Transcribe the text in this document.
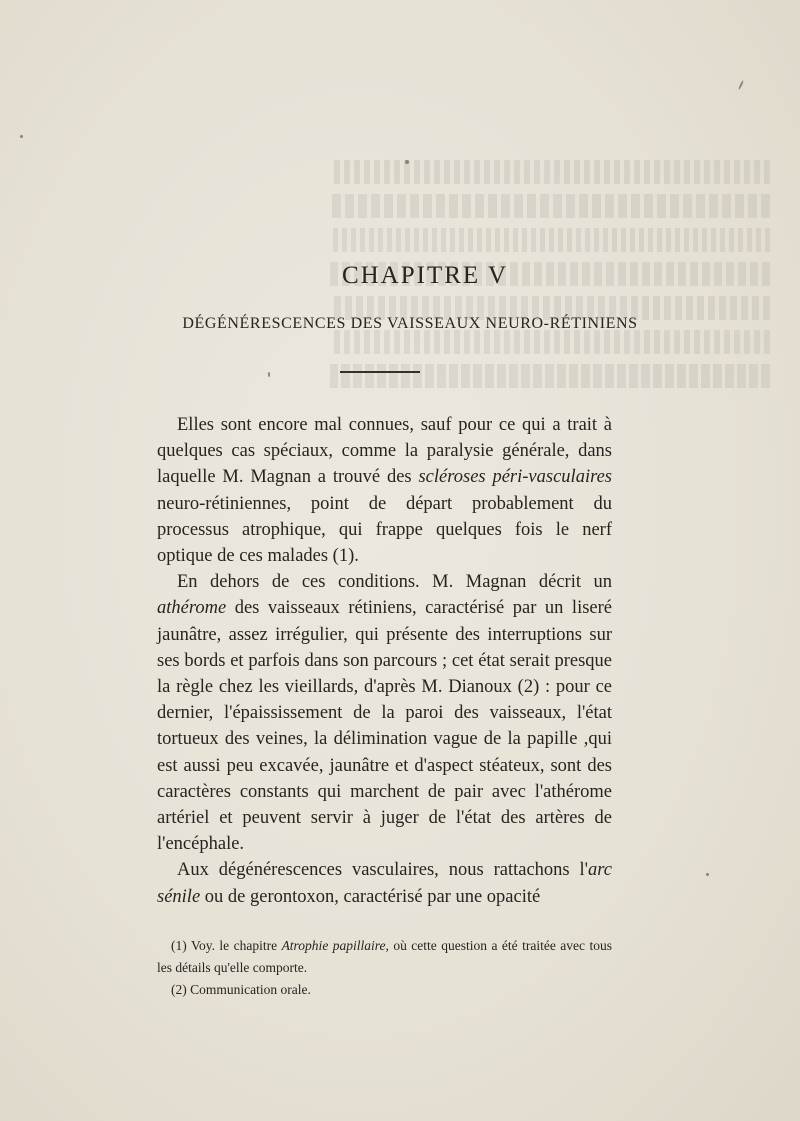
CHAPITRE V
DÉGÉNÉRESCENCES DES VAISSEAUX NEURO-RÉTINIENS

Elles sont encore mal connues, sauf pour ce qui a trait à quelques cas spéciaux, comme la paralysie générale, dans laquelle M. Magnan a trouvé des scléroses péri-vasculaires neuro-rétiniennes, point de départ probablement du processus atrophique, qui frappe quelques fois le nerf optique de ces malades (1).

En dehors de ces conditions. M. Magnan décrit un athérome des vaisseaux rétiniens, caractérisé par un liseré jaunâtre, assez irrégulier, qui présente des interruptions sur ses bords et parfois dans son parcours ; cet état serait presque la règle chez les vieillards, d'après M. Dianoux (2) : pour ce dernier, l'épaississement de la paroi des vaisseaux, l'état tortueux des veines, la délimination vague de la papille ,qui est aussi peu excavée, jaunâtre et d'aspect stéateux, sont des caractères constants qui marchent de pair avec l'athérome artériel et peuvent servir à juger de l'état des artères de l'encéphale.

Aux dégénérescences vasculaires, nous rattachons l'arc sénile ou de gerontoxon, caractérisé par une opacité

(1) Voy. le chapitre Atrophie papillaire, où cette question a été traitée avec tous les détails qu'elle comporte.

(2) Communication orale.
